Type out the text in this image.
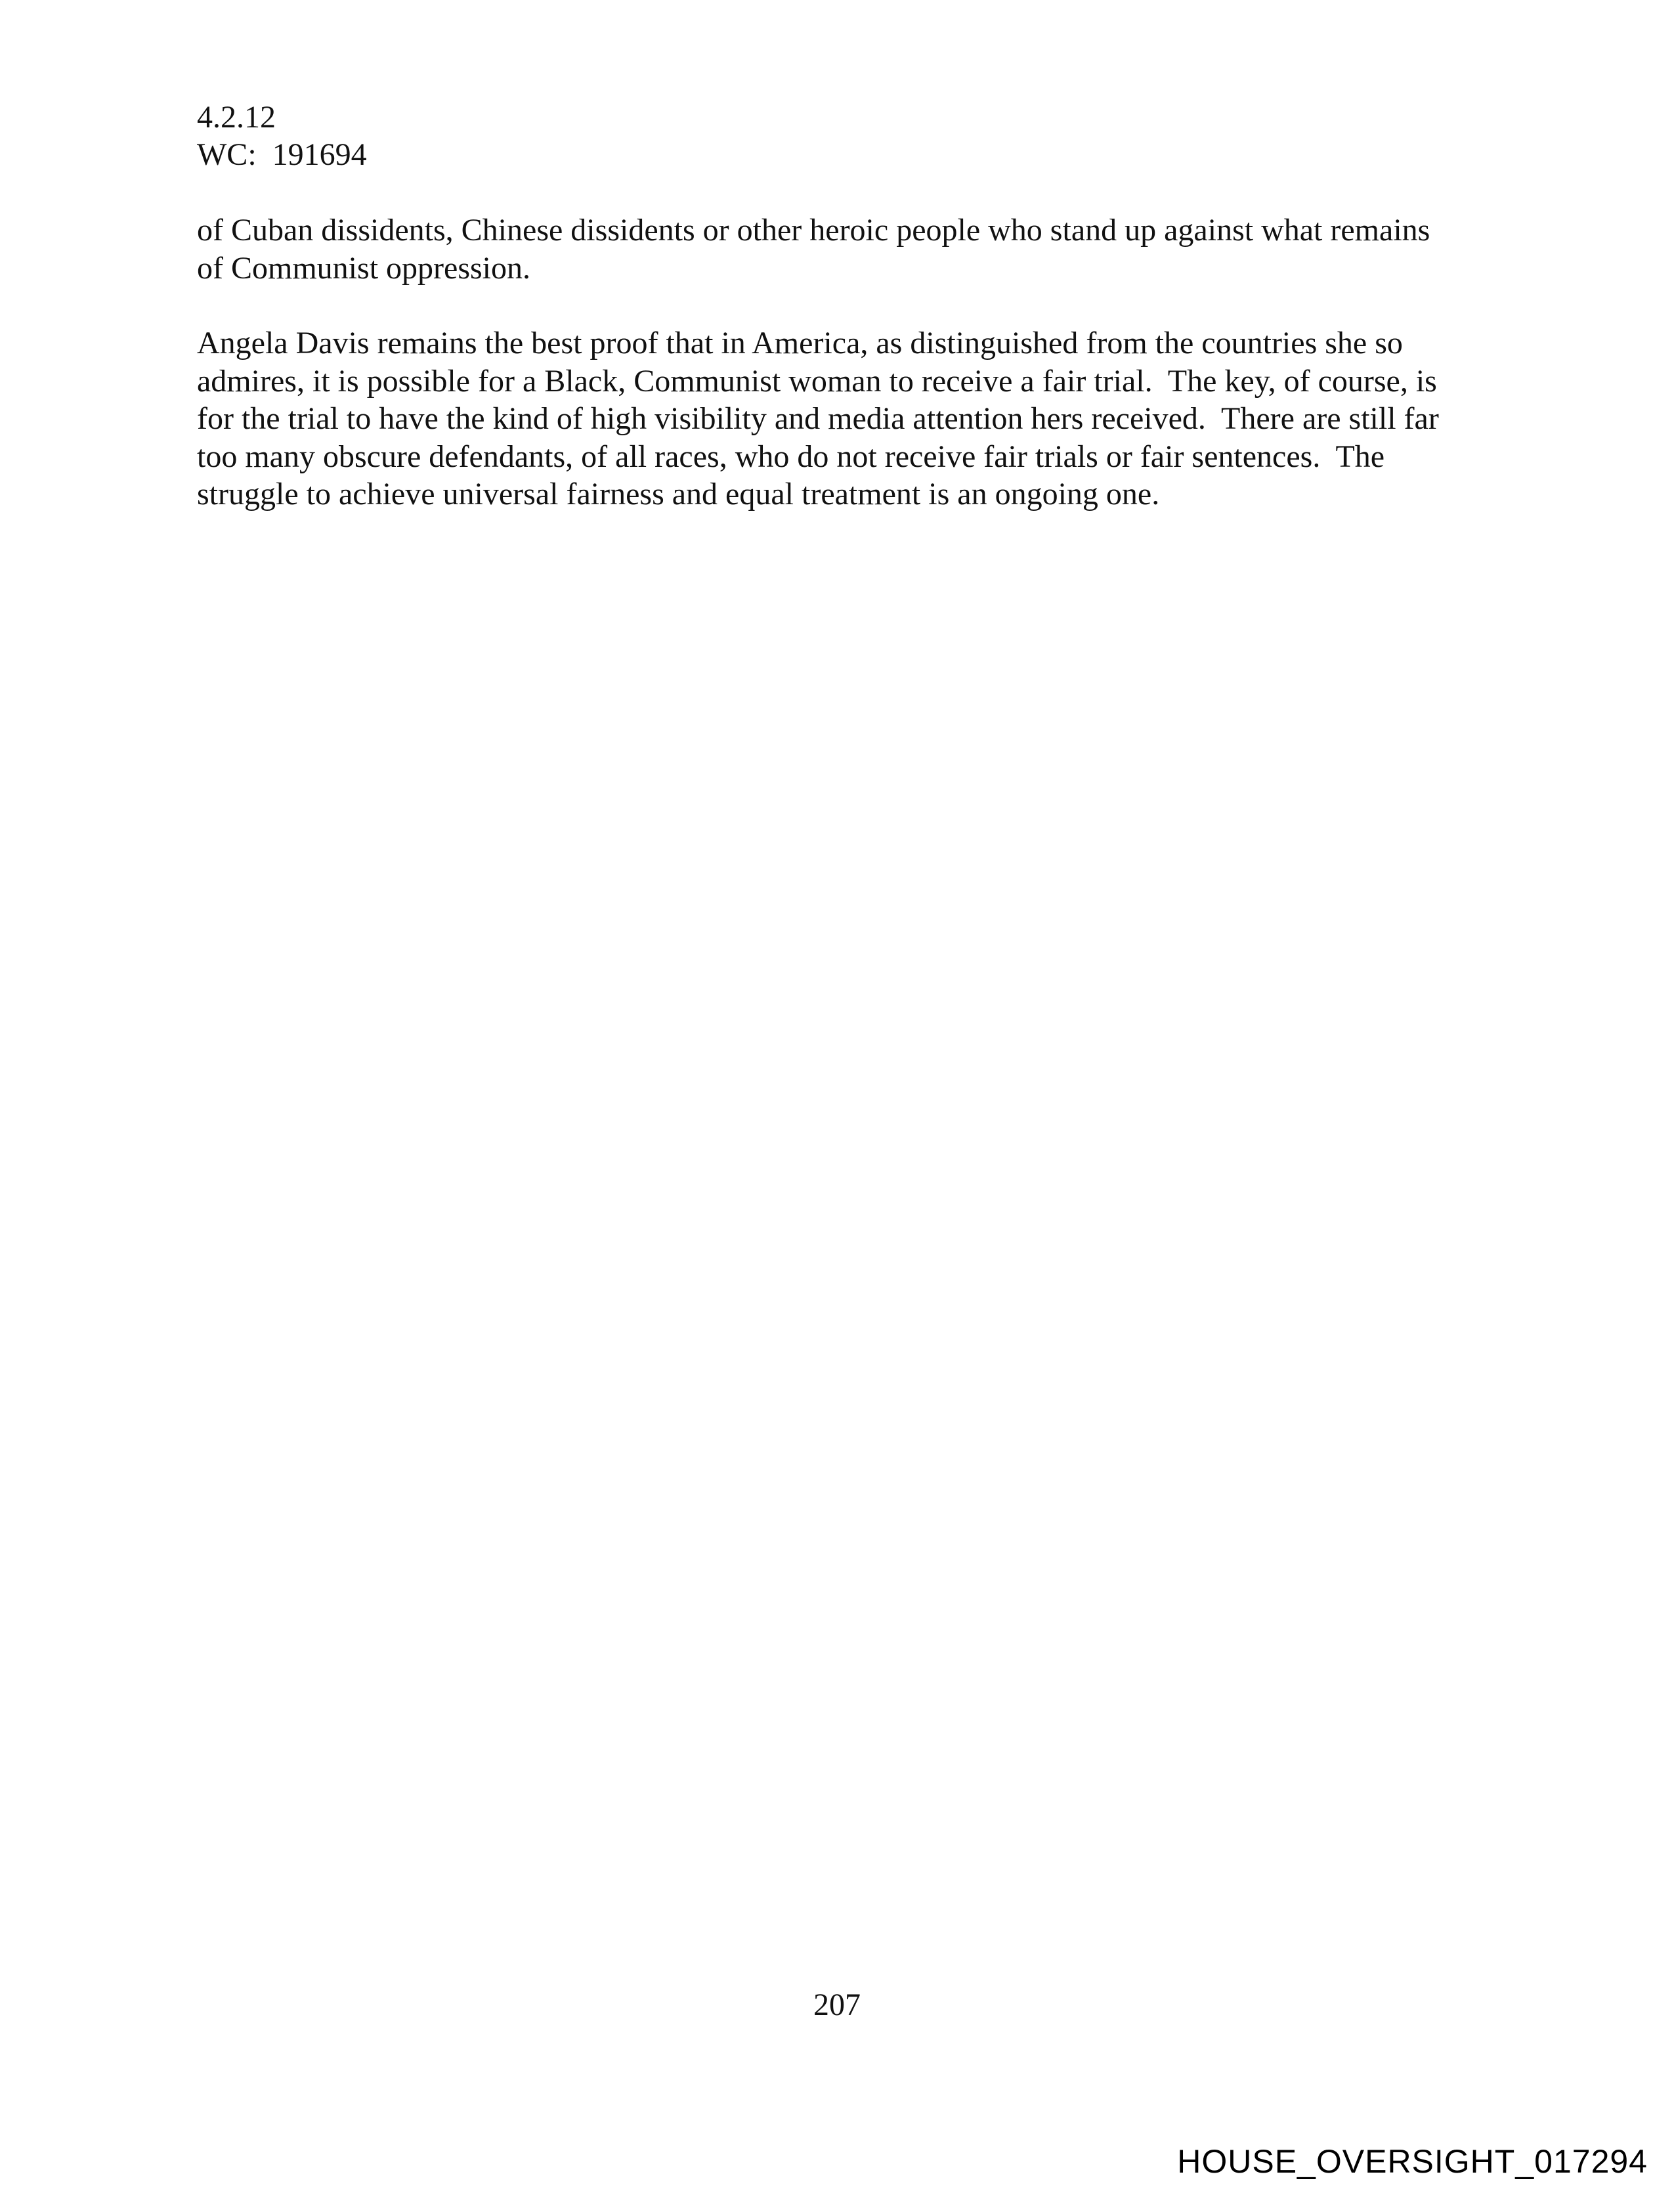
4.2.12
WC:  191694

of Cuban dissidents, Chinese dissidents or other heroic people who stand up against what remains
of Communist oppression.

Angela Davis remains the best proof that in America, as distinguished from the countries she so
admires, it is possible for a Black, Communist woman to receive a fair trial.  The key, of course, is
for the trial to have the kind of high visibility and media attention hers received.  There are still far
too many obscure defendants, of all races, who do not receive fair trials or fair sentences.  The
struggle to achieve universal fairness and equal treatment is an ongoing one.

207
HOUSE_OVERSIGHT_017294
